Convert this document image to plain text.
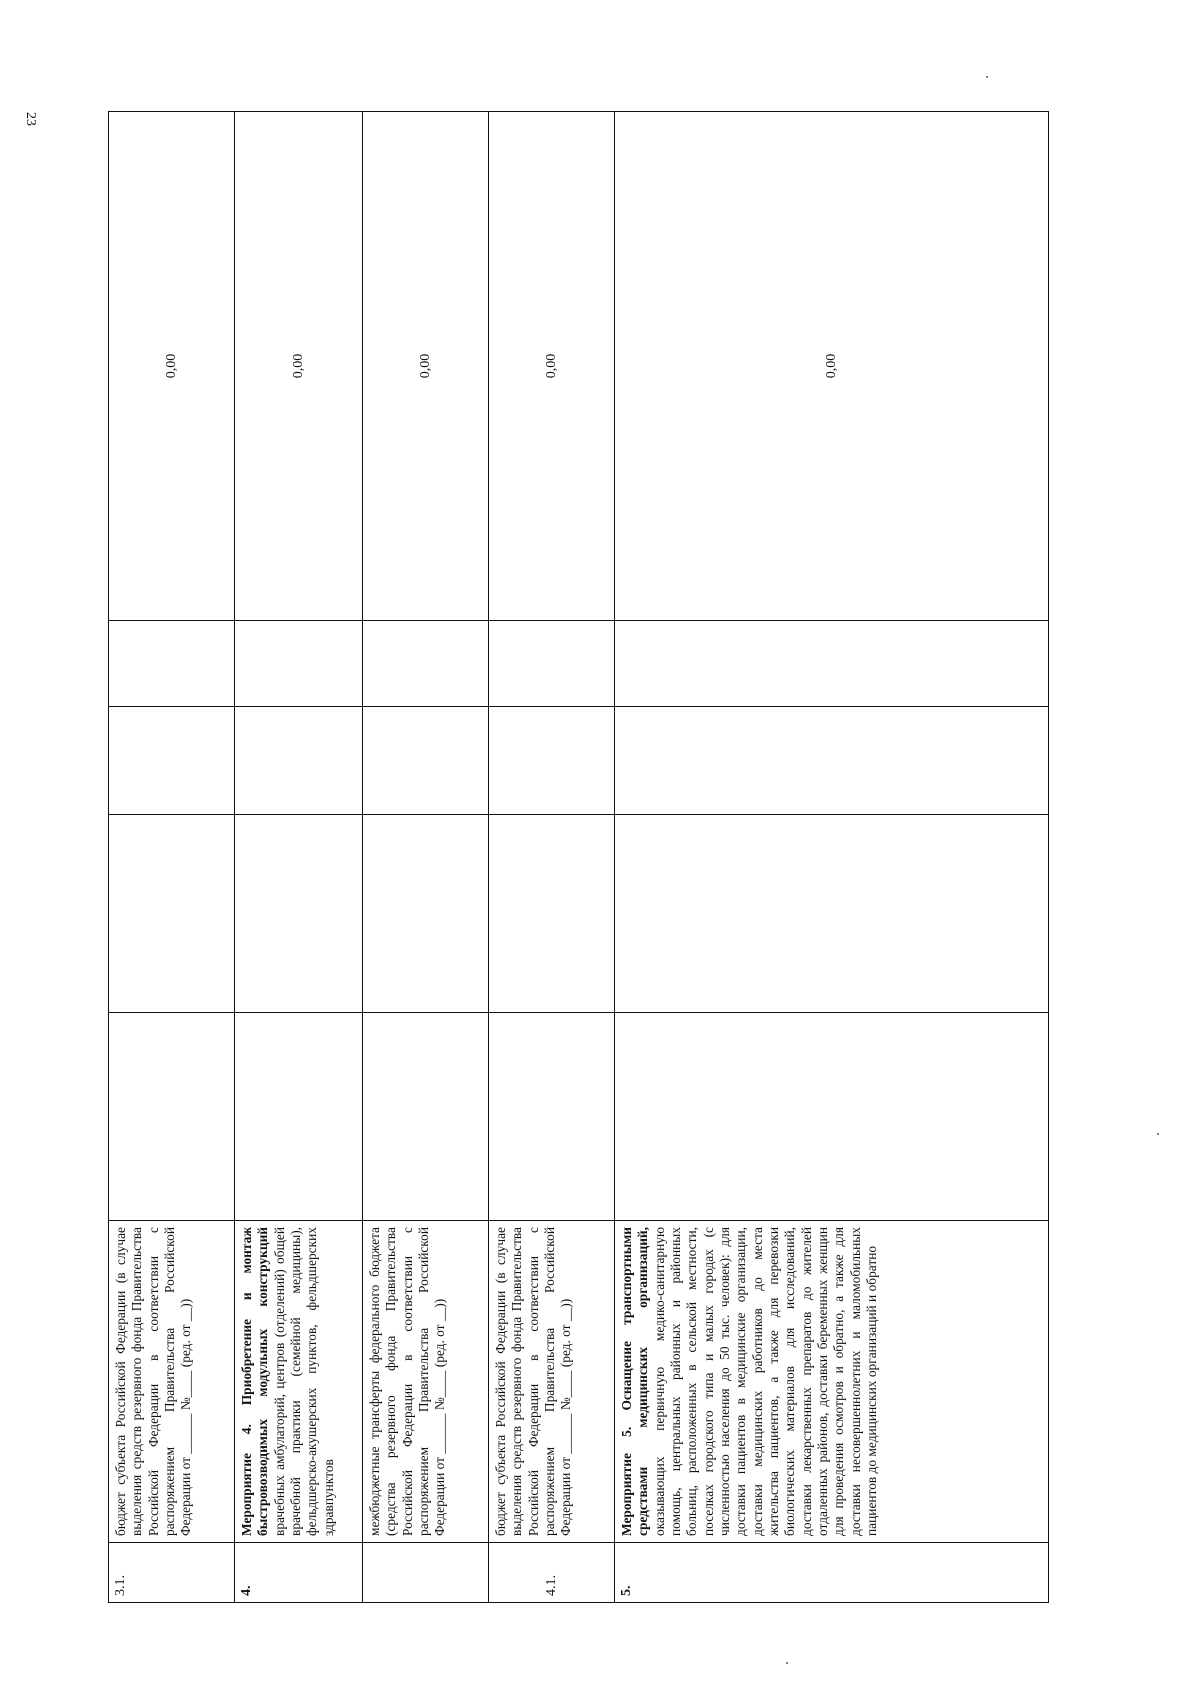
23
3.1.	бюджет субъекта Российской Федерации (в случае выделения средств резервного фонда Правительства Российской Федерации в соответствии с распоряжением Правительства Российской Федерации от ______ №____ (ред. от __))					0,00
4.	Мероприятие 4. Приобретение и монтаж быстровозводимых модульных конструкций врачебных амбулаторий, центров (отделений) общей врачебной практики (семейной медицины), фельдшерско-акушерских пунктов, фельдшерских здравпунктов					0,00
	межбюджетные трансферты федерального бюджета (средства резервного фонда Правительства Российской Федерации в соответствии с распоряжением Правительства Российской Федерации от ______ №____ (ред. от __))					0,00
4.1.	бюджет субъекта Российской Федерации (в случае выделения средств резервного фонда Правительства Российской Федерации в соответствии с распоряжением Правительства Российской Федерации от ______ №____ (ред. от __))					0,00
5.	Мероприятие 5. Оснащение транспортными средствами медицинских организаций, оказывающих первичную медико-санитарную помощь, центральных районных и районных больниц, расположенных в сельской местности, поселках городского типа и малых городах (с численностью населения до 50 тыс. человек): для доставки пациентов в медицинские организации, доставки медицинских работников до места жительства пациентов, а также для перевозки биологических материалов для исследований, доставки лекарственных препаратов до жителей отдаленных районов, доставки беременных женщин для проведения осмотров и обратно, а также для доставки несовершеннолетних и маломобильных пациентов до медицинских организаций и обратно					0,00
